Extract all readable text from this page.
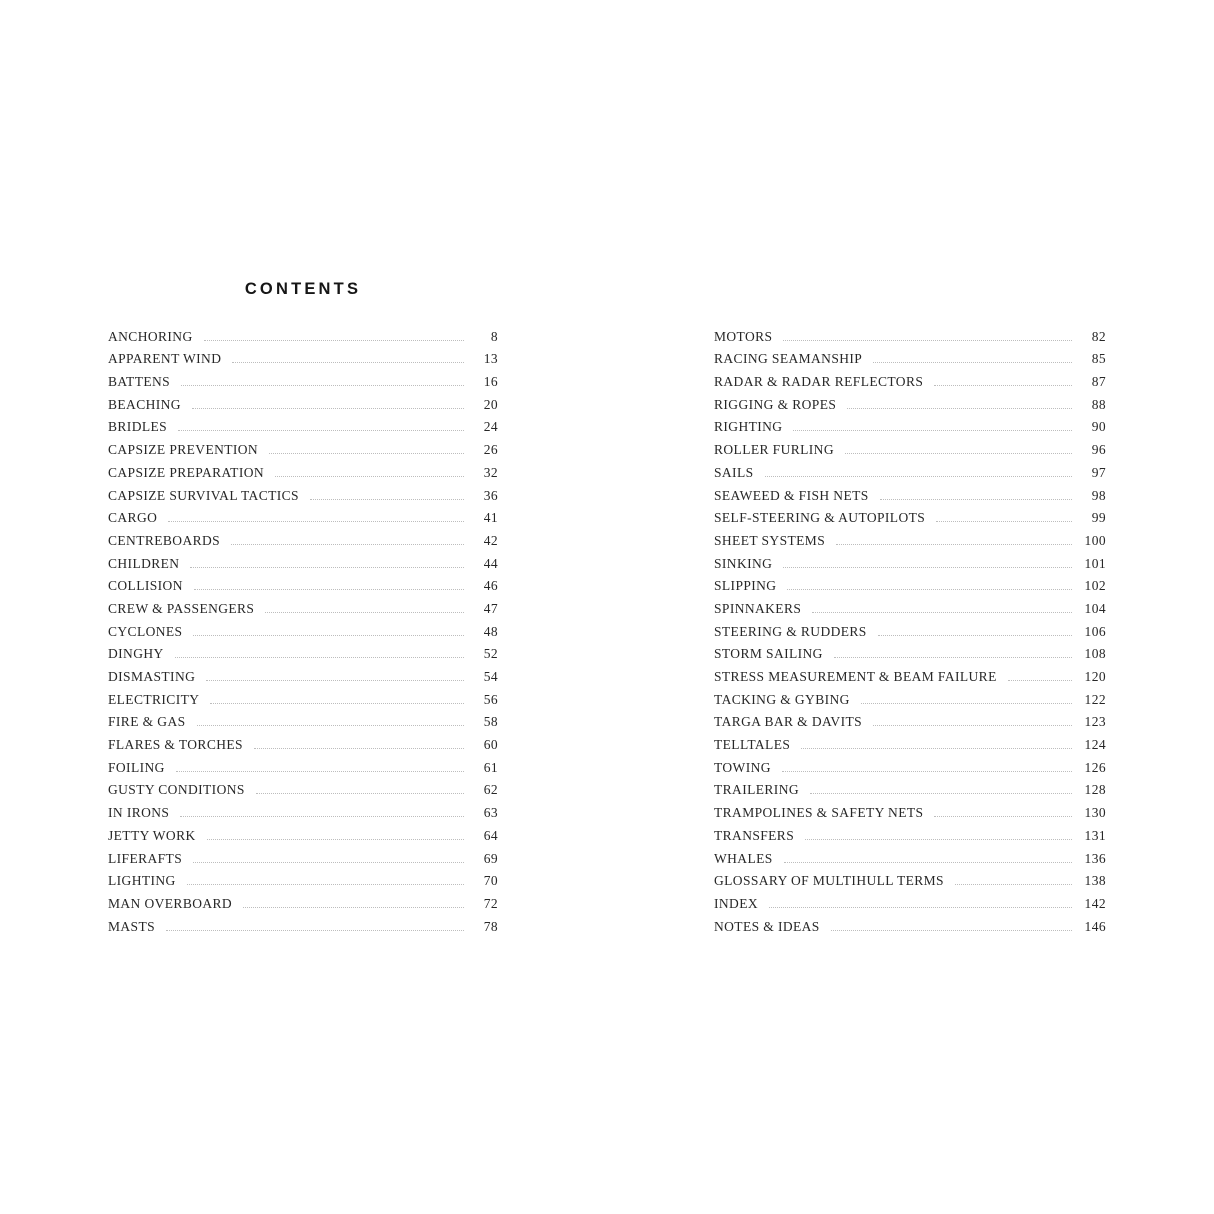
CONTENTS
ANCHORING	8
APPARENT WIND	13
BATTENS	16
BEACHING	20
BRIDLES	24
CAPSIZE PREVENTION	26
CAPSIZE PREPARATION	32
CAPSIZE SURVIVAL TACTICS	36
CARGO	41
CENTREBOARDS	42
CHILDREN	44
COLLISION	46
CREW & PASSENGERS	47
CYCLONES	48
DINGHY	52
DISMASTING	54
ELECTRICITY	56
FIRE & GAS	58
FLARES & TORCHES	60
FOILING	61
GUSTY CONDITIONS	62
IN IRONS	63
JETTY WORK	64
LIFERAFTS	69
LIGHTING	70
MAN OVERBOARD	72
MASTS	78
MOTORS	82
RACING SEAMANSHIP	85
RADAR & RADAR REFLECTORS	87
RIGGING & ROPES	88
RIGHTING	90
ROLLER FURLING	96
SAILS	97
SEAWEED & FISH NETS	98
SELF-STEERING & AUTOPILOTS	99
SHEET SYSTEMS	100
SINKING	101
SLIPPING	102
SPINNAKERS	104
STEERING & RUDDERS	106
STORM SAILING	108
STRESS MEASUREMENT & BEAM FAILURE	120
TACKING & GYBING	122
TARGA BAR & DAVITS	123
TELLTALES	124
TOWING	126
TRAILERING	128
TRAMPOLINES & SAFETY NETS	130
TRANSFERS	131
WHALES	136
GLOSSARY OF MULTIHULL TERMS	138
INDEX	142
NOTES & IDEAS	146
